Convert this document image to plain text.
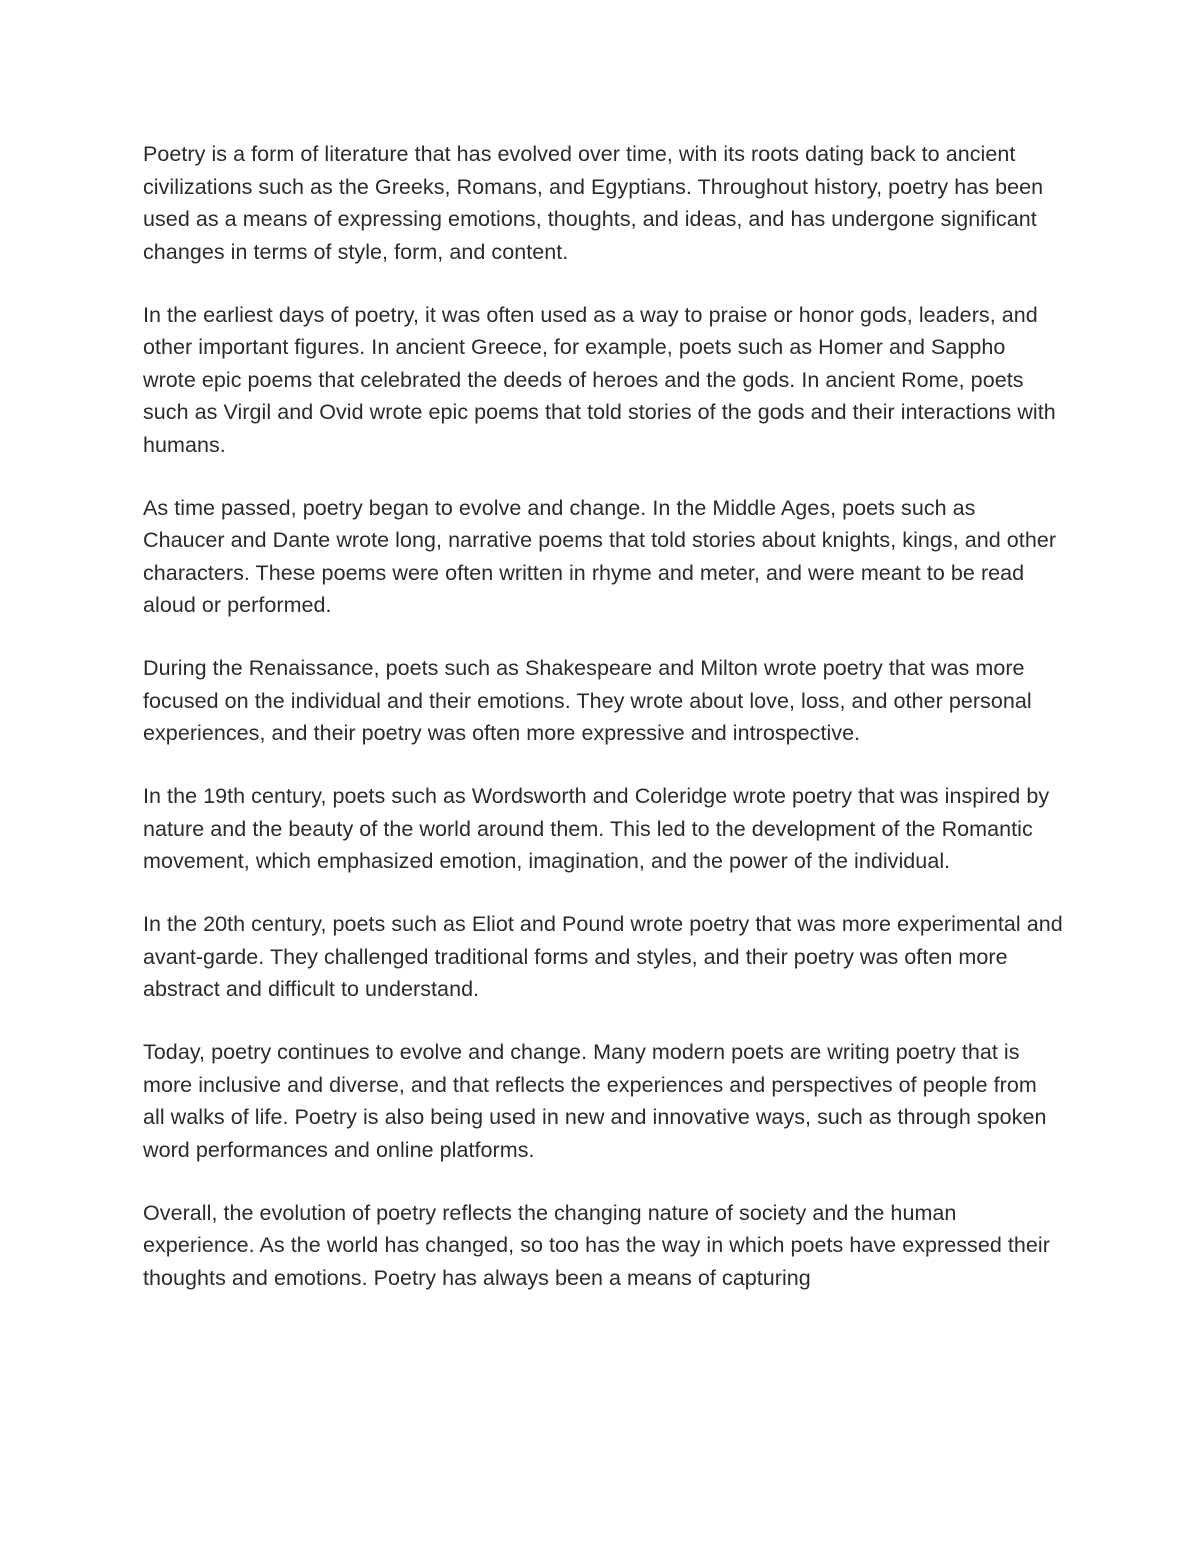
Poetry is a form of literature that has evolved over time, with its roots dating back to ancient civilizations such as the Greeks, Romans, and Egyptians. Throughout history, poetry has been used as a means of expressing emotions, thoughts, and ideas, and has undergone significant changes in terms of style, form, and content.

In the earliest days of poetry, it was often used as a way to praise or honor gods, leaders, and other important figures. In ancient Greece, for example, poets such as Homer and Sappho wrote epic poems that celebrated the deeds of heroes and the gods. In ancient Rome, poets such as Virgil and Ovid wrote epic poems that told stories of the gods and their interactions with humans.

As time passed, poetry began to evolve and change. In the Middle Ages, poets such as Chaucer and Dante wrote long, narrative poems that told stories about knights, kings, and other characters. These poems were often written in rhyme and meter, and were meant to be read aloud or performed.

During the Renaissance, poets such as Shakespeare and Milton wrote poetry that was more focused on the individual and their emotions. They wrote about love, loss, and other personal experiences, and their poetry was often more expressive and introspective.

In the 19th century, poets such as Wordsworth and Coleridge wrote poetry that was inspired by nature and the beauty of the world around them. This led to the development of the Romantic movement, which emphasized emotion, imagination, and the power of the individual.

In the 20th century, poets such as Eliot and Pound wrote poetry that was more experimental and avant-garde. They challenged traditional forms and styles, and their poetry was often more abstract and difficult to understand.

Today, poetry continues to evolve and change. Many modern poets are writing poetry that is more inclusive and diverse, and that reflects the experiences and perspectives of people from all walks of life. Poetry is also being used in new and innovative ways, such as through spoken word performances and online platforms.

Overall, the evolution of poetry reflects the changing nature of society and the human experience. As the world has changed, so too has the way in which poets have expressed their thoughts and emotions. Poetry has always been a means of capturing
